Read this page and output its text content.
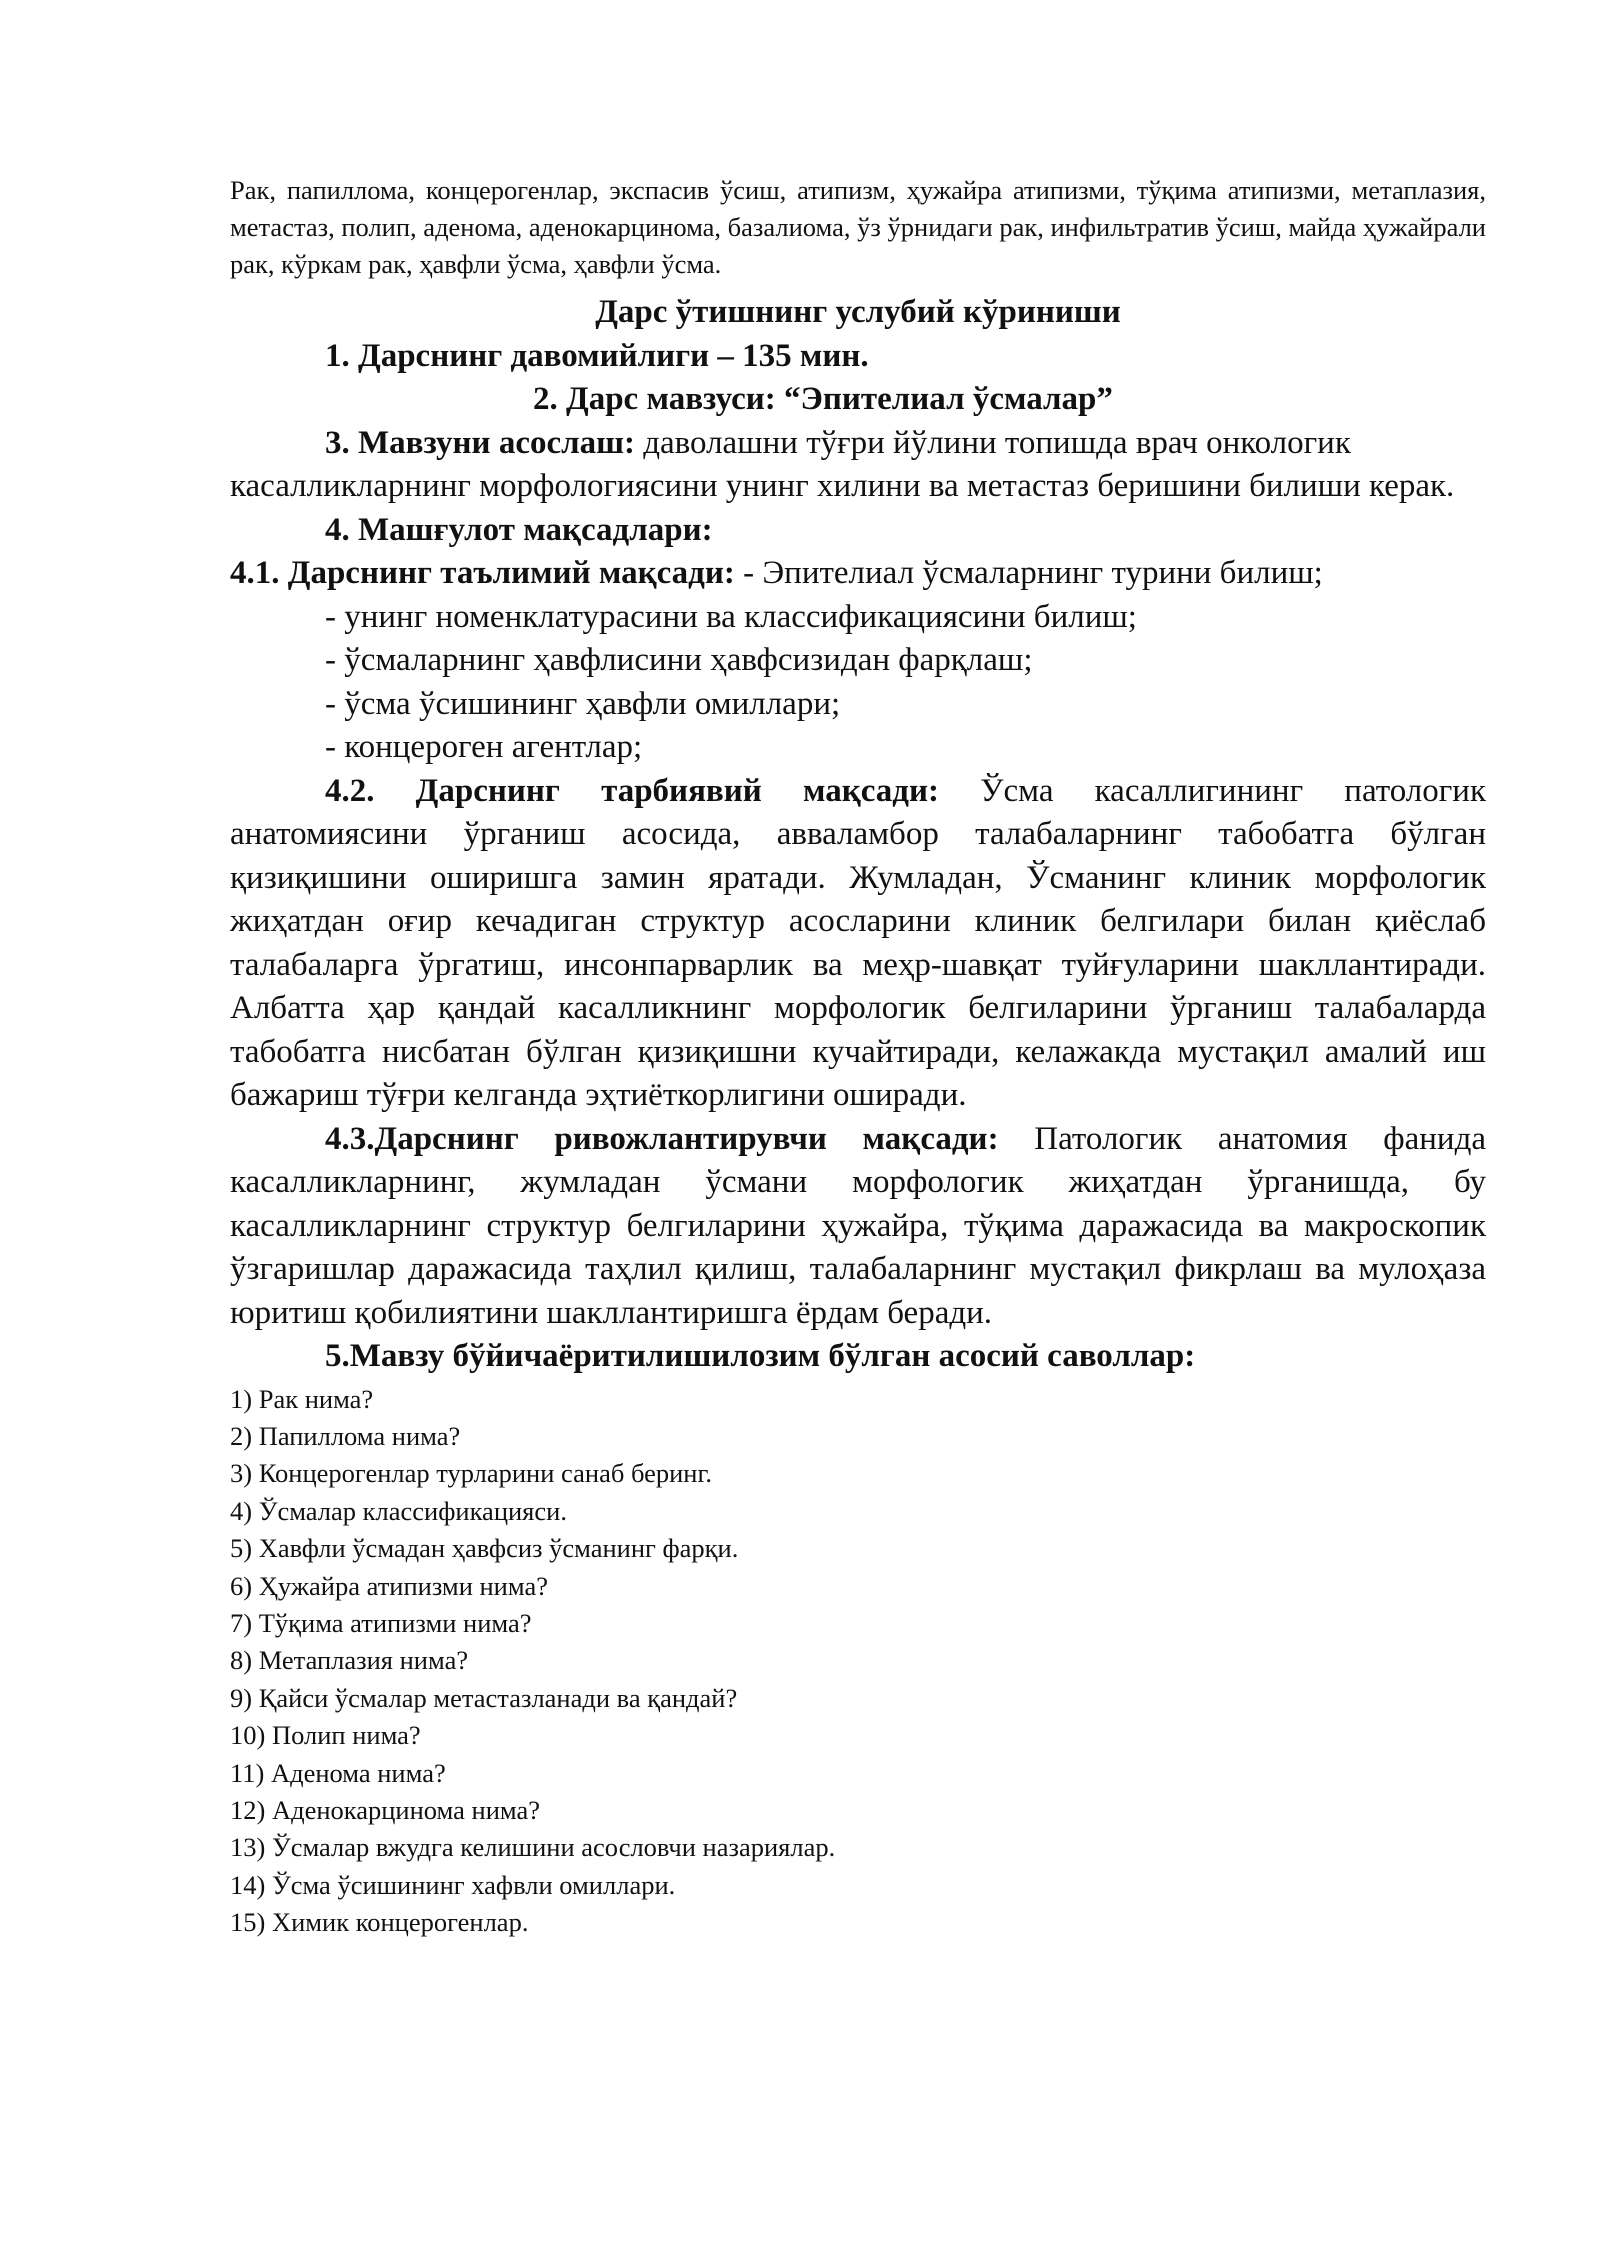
Рак, папиллома, концерогенлар, экспасив ўсиш, атипизм, ҳужайра атипизми, тўқима атипизми, метаплазия, метастаз, полип, аденома, аденокарцинома, базалиома, ўз ўрнидаги рак, инфильтратив ўсиш, майда ҳужайрали рак, кўркам рак, ҳавфли ўсма, ҳавфли ўсма.

Дарс ўтишнинг услубий кўриниши

1. Дарснинг давомийлиги – 135 мин.

2. Дарс мавзуси: “Эпителиал ўсмалар”

3. Мавзуни асослаш: даволашни тўғри йўлини топишда врач онкологик касалликларнинг морфологиясини унинг хилини ва метастаз беришини билиши керак.

4. Машғулот мақсадлари:

4.1. Дарснинг таълимий мақсади: - Эпителиал ўсмаларнинг турини билиш;

- унинг номенклатурасини ва классификациясини билиш;

- ўсмаларнинг ҳавфлисини ҳавфсизидан фарқлаш;

- ўсма ўсишининг ҳавфли омиллари;

- концероген агентлар;

4.2. Дарснинг тарбиявий мақсади: Ўсма касаллигининг патологик анатомиясини ўрганиш асосида, авваламбор талабаларнинг табобатга бўлган қизиқишини оширишга замин яратади. Жумладан, Ўсманинг клиник морфологик жиҳатдан оғир кечадиган структур асосларини клиник белгилари билан қиёслаб талабаларга ўргатиш, инсонпарварлик ва меҳр-шавқат туйғуларини шакллантиради. Албатта ҳар қандай касалликнинг морфологик белгиларини ўрганиш талабаларда табобатга нисбатан бўлган қизиқишни кучайтиради, келажакда мустақил амалий иш бажариш тўғри келганда эҳтиёткорлигини оширади.

4.3.Дарснинг ривожлантирувчи мақсади: Патологик анатомия фанида касалликларнинг, жумладан ўсмани морфологик жиҳатдан ўрганишда, бу касалликларнинг структур белгиларини ҳужайра, тўқима даражасида ва макроскопик ўзгаришлар даражасида таҳлил қилиш, талабаларнинг мустақил фикрлаш ва мулоҳаза юритиш қобилиятини шакллантиришга ёрдам беради.

5.Мавзу бўйичаёритилишилозим бўлган асосий саволлар:

1) Рак нима?
2) Папиллома нима?
3) Концерогенлар турларини санаб беринг.
4) Ўсмалар классификацияси.
5) Хавфли ўсмадан ҳавфсиз ўсманинг фарқи.
6) Ҳужайра атипизми нима?
7) Тўқима атипизми нима?
8) Метаплазия нима?
9) Қайси ўсмалар метастазланади ва қандай?
10) Полип нима?
11) Аденома нима?
12) Аденокарцинома нима?
13) Ўсмалар вжудга келишини асословчи назариялар.
14) Ўсма ўсишининг хафвли омиллари.
15) Химик концерогенлар.
